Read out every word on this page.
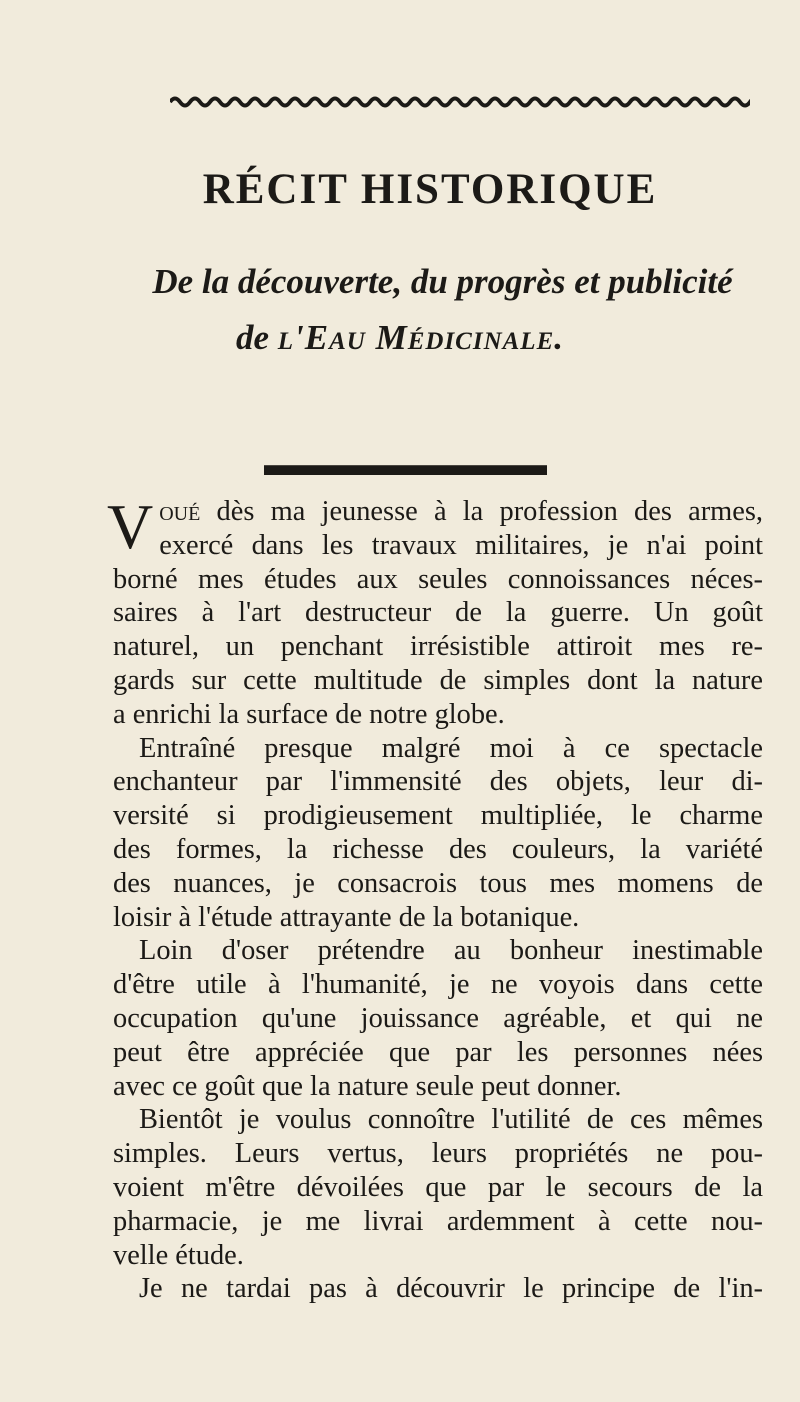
RÉCIT HISTORIQUE
De la découverte, du progrès et publicité
de l'Eau Médicinale.

V oué dès ma jeunesse à la profession des armes,
exercé dans les travaux militaires, je n'ai point
borné mes études aux seules connoissances néces-
saires à l'art destructeur de la guerre. Un goût
naturel, un penchant irrésistible attiroit mes re-
gards sur cette multitude de simples dont la nature
a enrichi la surface de notre globe.

Entraîné presque malgré moi à ce spectacle
enchanteur par l'immensité des objets, leur di-
versité si prodigieusement multipliée, le charme
des formes, la richesse des couleurs, la variété
des nuances, je consacrois tous mes momens de
loisir à l'étude attrayante de la botanique.

Loin d'oser prétendre au bonheur inestimable
d'être utile à l'humanité, je ne voyois dans cette
occupation qu'une jouissance agréable, et qui ne
peut être appréciée que par les personnes nées
avec ce goût que la nature seule peut donner.

Bientôt je voulus connoître l'utilité de ces mêmes
simples. Leurs vertus, leurs propriétés ne pou-
voient m'être dévoilées que par le secours de la
pharmacie, je me livrai ardemment à cette nou-
velle étude.

Je ne tardai pas à découvrir le principe de l'in-
